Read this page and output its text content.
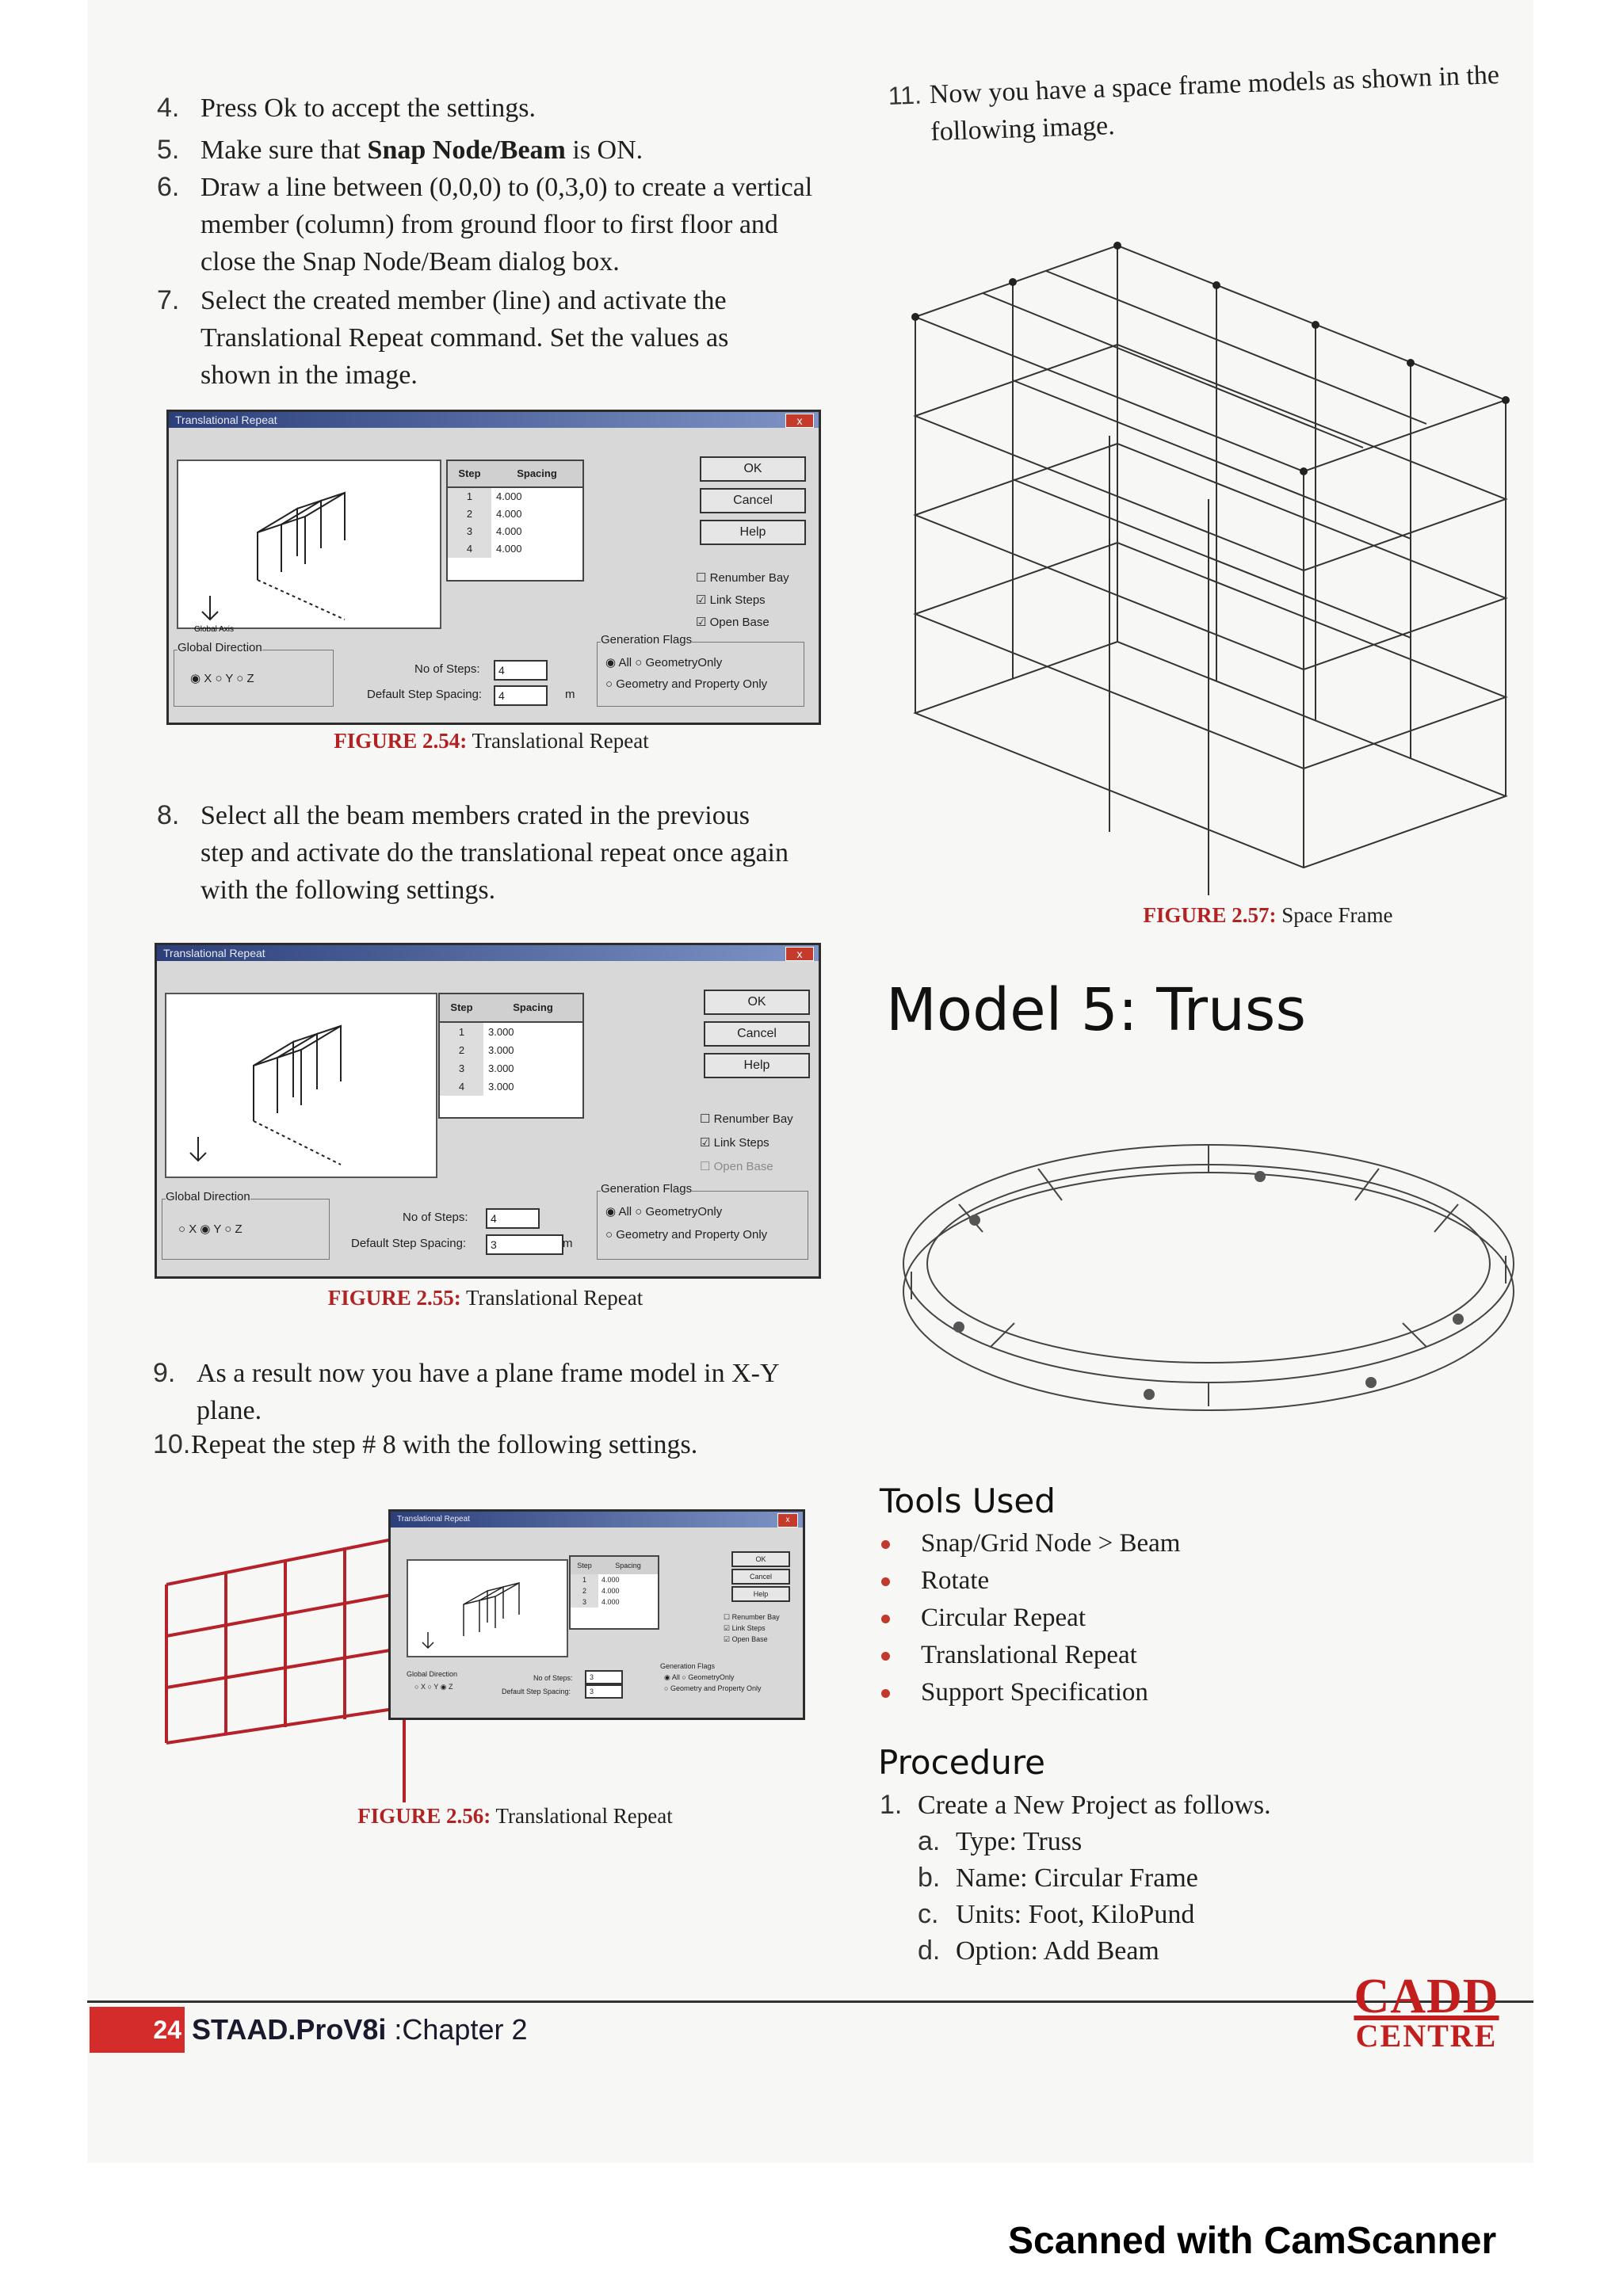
4. Press Ok to accept the settings.
5. Make sure that Snap Node/Beam is ON.
6. Draw a line between (0,0,0) to (0,3,0) to create a vertical
member (column) from ground floor to first floor and
close the Snap Node/Beam dialog box.
7. Select the created member (line) and activate the
Translational Repeat command. Set the values as
shown in the image.
Translational Repeat	x
Global Axis
Step	Spacing
1	4.000
2	4.000
3	4.000
4	4.000
OK
Cancel
Help
☐ Renumber Bay
☑ Link Steps
☑ Open Base
Generation Flags
◉ All ○ GeometryOnly
○ Geometry and Property Only
Global Direction
◉ X ○ Y ○ Z
No of Steps:	4
Default Step Spacing:	4	m
FIGURE 2.54: Translational Repeat
8. Select all the beam members crated in the previous
step and activate do the translational repeat once again
with the following settings.
Translational Repeat	x
Step	Spacing
1	3.000
2	3.000
3	3.000
4	3.000
OK
Cancel
Help
☐ Renumber Bay
☑ Link Steps
☐ Open Base
Generation Flags
◉ All ○ GeometryOnly
○ Geometry and Property Only
Global Direction
○ X ◉ Y ○ Z
No of Steps:	4
Default Step Spacing:	3	m
FIGURE 2.55: Translational Repeat
9. As a result now you have a plane frame model in X-Y
plane.
10. Repeat the step # 8 with the following settings.
Translational Repeat	x
Step	Spacing
1	4.000
2	4.000
3	4.000
OK
Cancel
Help
☐ Renumber Bay
☑ Link Steps
☑ Open Base
Generation Flags
◉ All ○ GeometryOnly
○ Geometry and Property Only
Global Direction
○ X ○ Y ◉ Z
No of Steps:	3
Default Step Spacing:	3
FIGURE 2.56: Translational Repeat
11. Now you have a space frame models as shown in the
following image.
FIGURE 2.57: Space Frame
Model 5: Truss
Tools Used
Snap/Grid Node > Beam
Rotate
Circular Repeat
Translational Repeat
Support Specification
Procedure
1. Create a New Project as follows.
a. Type: Truss
b. Name: Circular Frame
c. Units: Foot, KiloPund
d. Option: Add Beam
24 STAAD.ProV8i :Chapter 2
CADD
CENTRE
Scanned with CamScanner
